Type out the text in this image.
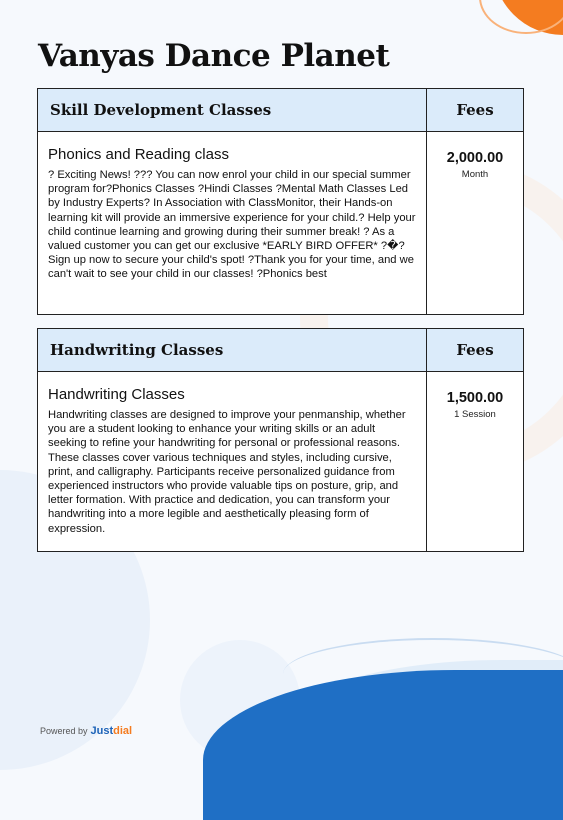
Vanyas Dance Planet
Skill Development Classes	Fees

Phonics and Reading class

? Exciting News! ??? You can now enrol your child in our special summer program for?Phonics Classes ?Hindi Classes ?Mental Math Classes Led by Industry Experts? In Association with ClassMonitor, their Hands-on learning kit will provide an immersive experience for your child.? Help your child continue learning and growing during their summer break! ? As a valued customer you can get our exclusive *EARLY BIRD OFFER* ?�? Sign up now to secure your child's spot! ?Thank you for your time, and we can't wait to see your child in our classes! ?Phonics best

2,000.00
Month
Handwriting Classes	Fees

Handwriting Classes

Handwriting classes are designed to improve your penmanship, whether you are a student looking to enhance your writing skills or an adult seeking to refine your handwriting for personal or professional reasons. These classes cover various techniques and styles, including cursive, print, and calligraphy. Participants receive personalized guidance from experienced instructors who provide valuable tips on posture, grip, and letter formation. With practice and dedication, you can transform your handwriting into a more legible and aesthetically pleasing form of expression.

1,500.00
1 Session
Powered by Justdial
